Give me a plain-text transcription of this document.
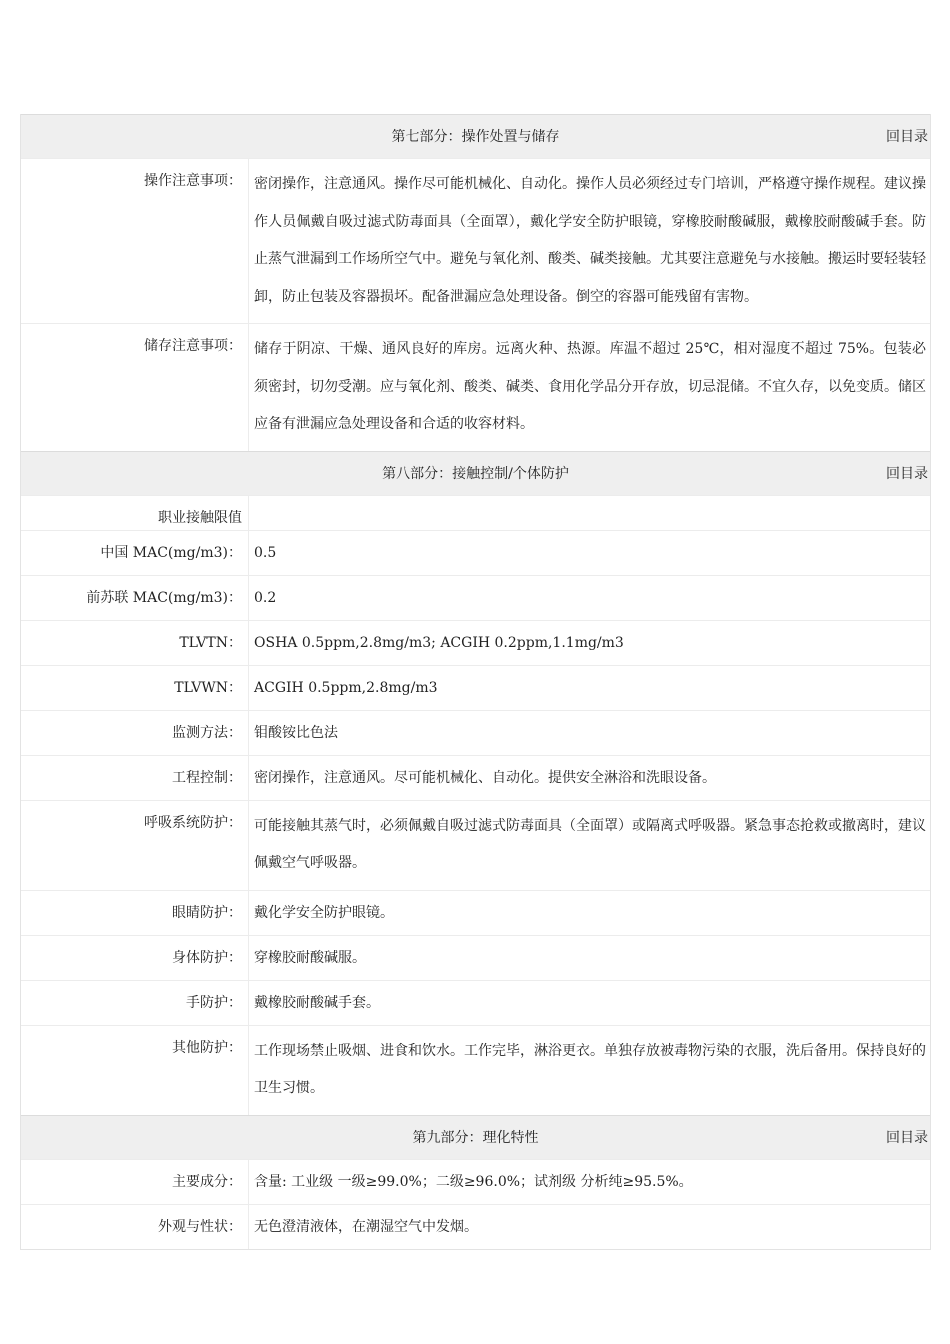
第七部分：操作处置与储存	回目录
操作注意事项： 密闭操作，注意通风。操作尽可能机械化、自动化。操作人员必须经过专门培训，严格遵守操作规程。建议操作人员佩戴自吸过滤式防毒面具（全面罩），戴化学安全防护眼镜，穿橡胶耐酸碱服，戴橡胶耐酸碱手套。防止蒸气泄漏到工作场所空气中。避免与氧化剂、酸类、碱类接触。尤其要注意避免与水接触。搬运时要轻装轻卸，防止包装及容器损坏。配备泄漏应急处理设备。倒空的容器可能残留有害物。
储存注意事项： 储存于阴凉、干燥、通风良好的库房。远离火种、热源。库温不超过 25℃，相对湿度不超过 75%。包装必须密封，切勿受潮。应与氧化剂、酸类、碱类、食用化学品分开存放，切忌混储。不宜久存，以免变质。储区应备有泄漏应急处理设备和合适的收容材料。
第八部分：接触控制/个体防护	回目录
职业接触限值
中国 MAC(mg/m3)： 0.5
前苏联 MAC(mg/m3)： 0.2
TLVTN： OSHA 0.5ppm,2.8mg/m3; ACGIH 0.2ppm,1.1mg/m3
TLVWN： ACGIH 0.5ppm,2.8mg/m3
监测方法： 钼酸铵比色法
工程控制： 密闭操作，注意通风。尽可能机械化、自动化。提供安全淋浴和洗眼设备。
呼吸系统防护： 可能接触其蒸气时，必须佩戴自吸过滤式防毒面具（全面罩）或隔离式呼吸器。紧急事态抢救或撤离时，建议佩戴空气呼吸器。
眼睛防护： 戴化学安全防护眼镜。
身体防护： 穿橡胶耐酸碱服。
手防护： 戴橡胶耐酸碱手套。
其他防护： 工作现场禁止吸烟、进食和饮水。工作完毕，淋浴更衣。单独存放被毒物污染的衣服，洗后备用。保持良好的卫生习惯。
第九部分：理化特性	回目录
主要成分： 含量: 工业级 一级≥99.0%；二级≥96.0%；试剂级 分析纯≥95.5%。
外观与性状： 无色澄清液体，在潮湿空气中发烟。
